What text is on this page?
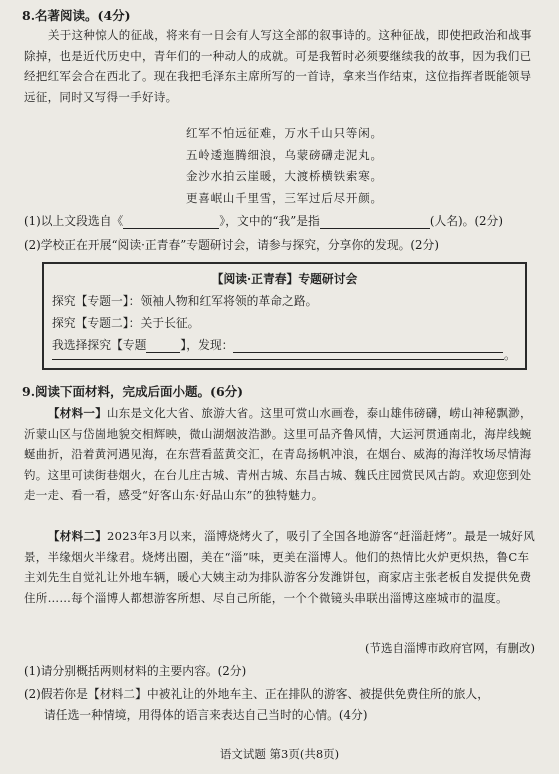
8.名著阅读。(4分)
关于这种惊人的征战，将来有一日会有人写这全部的叙事诗的。这种征战，即使把政治和战事除掉，也是近代历史中，青年们的一种动人的成就。可是我暂时必须要继续我的故事，因为我们已经把红军会合在西北了。现在我把毛泽东主席所写的一首诗，拿来当作结束，这位指挥者既能领导远征，同时又写得一手好诗。
红军不怕远征难，万水千山只等闲。
五岭逶迤腾细浪，乌蒙磅礴走泥丸。
金沙水拍云崖暖，大渡桥横铁索寒。
更喜岷山千里雪，三军过后尽开颜。
(1)以上文段选自《	》，文中的“我”是指	(人名)。(2分)
(2)学校正在开展“阅读·正青春”专题研讨会，请参与探究，分享你的发现。(2分)
【阅读·正青春】专题研讨会
探究【专题一】：领袖人物和红军将领的革命之路。
探究【专题二】：关于长征。
我选择探究【专题	】，发现：
。
9.阅读下面材料，完成后面小题。(6分)
【材料一】山东是文化大省、旅游大省。这里可赏山水画卷，泰山雄伟磅礴，崂山神秘飘渺，沂蒙山区与岱崮地貌交相辉映，微山湖烟波浩渺。这里可品齐鲁风情，大运河贯通南北，海岸线蜿蜒曲折，沿着黄河遇见海，在东营看蓝黄交汇，在青岛扬帆冲浪，在烟台、威海的海洋牧场尽情海钓。这里可读街巷烟火，在台儿庄古城、青州古城、东昌古城、魏氏庄园赏民风古韵。欢迎您到处走一走、看一看，感受“好客山东·好品山东”的独特魅力。
【材料二】2023年3月以来，淄博烧烤火了，吸引了全国各地游客“赶淄赶烤”。最是一城好风景，半缘烟火半缘君。烧烤出圈，美在“淄”味，更美在淄博人。他们的热情比火炉更炽热，鲁C车主刘先生自觉礼让外地车辆，暖心大姨主动为排队游客分发潍饼包，商家店主张老板自发提供免费住所……每个淄博人都想游客所想、尽自己所能，一个个微镜头串联出淄博这座城市的温度。
(节选自淄博市政府官网，有删改)
(1)请分别概括两则材料的主要内容。(2分)
(2)假若你是【材料二】中被礼让的外地车主、正在排队的游客、被提供免费住所的旅人，
请任选一种情境，用得体的语言来表达自己当时的心情。(4分)
语文试题 第3页(共8页)
